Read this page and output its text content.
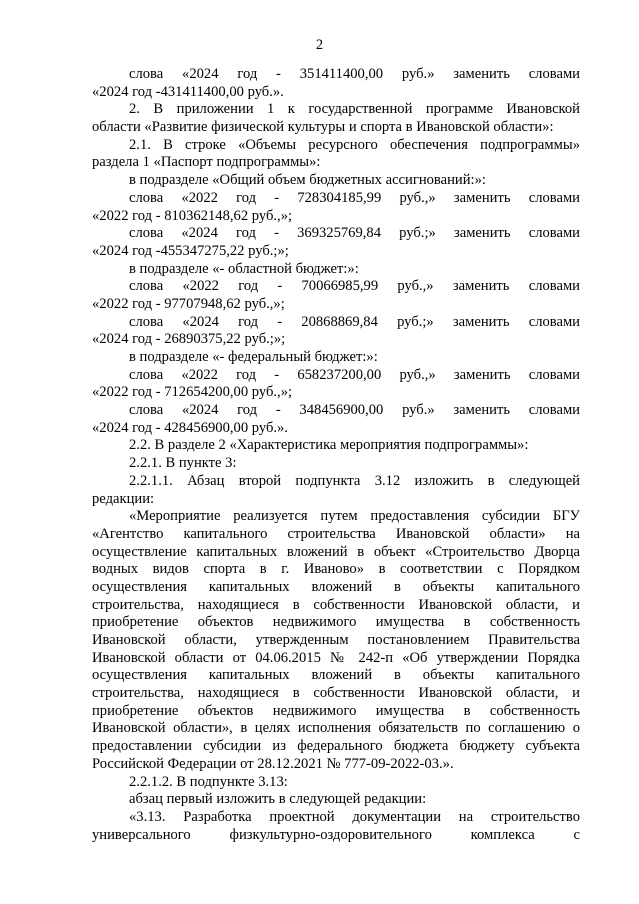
2
слова «2024 год - 351411400,00 руб.» заменить словами
«2024 год -431411400,00 руб.».
2. В приложении 1 к государственной программе Ивановской
области «Развитие физической культуры и спорта в Ивановской области»:
2.1. В строке «Объемы ресурсного обеспечения подпрограммы»
раздела 1 «Паспорт подпрограммы»:
в подразделе «Общий объем бюджетных ассигнований:»:
слова «2022 год - 728304185,99 руб.,» заменить словами
«2022 год - 810362148,62 руб.,»;
слова «2024 год - 369325769,84 руб.;» заменить словами
«2024 год -455347275,22 руб.;»;
в подразделе «- областной бюджет:»:
слова «2022 год - 70066985,99 руб.,» заменить словами
«2022 год - 97707948,62 руб.,»;
слова «2024 год - 20868869,84 руб.;» заменить словами
«2024 год - 26890375,22 руб.;»;
в подразделе «- федеральный бюджет:»:
слова «2022 год - 658237200,00 руб.,» заменить словами
«2022 год - 712654200,00 руб.,»;
слова «2024 год - 348456900,00 руб.» заменить словами
«2024 год - 428456900,00 руб.».
2.2. В разделе 2 «Характеристика мероприятия подпрограммы»:
2.2.1. В пункте 3:
2.2.1.1. Абзац второй подпункта 3.12 изложить в следующей
редакции:
«Мероприятие реализуется путем предоставления субсидии БГУ
«Агентство капитального строительства Ивановской области» на
осуществление капитальных вложений в объект «Строительство Дворца
водных видов спорта в г. Иваново» в соответствии с Порядком
осуществления капитальных вложений в объекты капитального
строительства, находящиеся в собственности Ивановской области, и
приобретение объектов недвижимого имущества в собственность
Ивановской области, утвержденным постановлением Правительства
Ивановской области от 04.06.2015 № 242-п «Об утверждении Порядка
осуществления капитальных вложений в объекты капитального
строительства, находящиеся в собственности Ивановской области, и
приобретение объектов недвижимого имущества в собственность
Ивановской области», в целях исполнения обязательств по соглашению о
предоставлении субсидии из федерального бюджета бюджету субъекта
Российской Федерации от 28.12.2021 № 777-09-2022-03.».
2.2.1.2. В подпункте 3.13:
абзац первый изложить в следующей редакции:
«3.13. Разработка проектной документации на строительство
универсального физкультурно-оздоровительного комплекса с
